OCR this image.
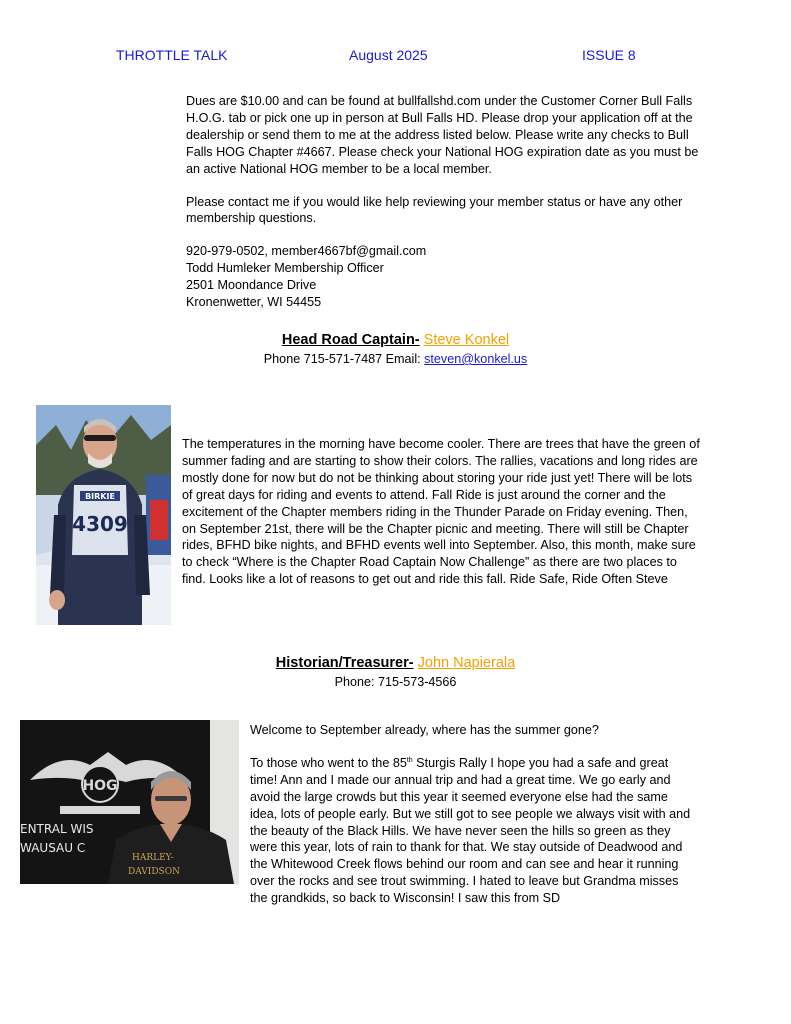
THROTTLE TALK	August 2025	ISSUE 8

Dues are $10.00 and can be found at bullfallshd.com under the Customer Corner Bull Falls H.O.G. tab or pick one up in person at Bull Falls HD. Please drop your application off at the dealership or send them to me at the address listed below. Please write any checks to Bull Falls HOG Chapter #4667. Please check your National HOG expiration date as you must be an active National HOG member to be a local member.

Please contact me if you would like help reviewing your member status or have any other membership questions.

920-979-0502, member4667bf@gmail.com
Todd Humleker Membership Officer
2501 Moondance Drive
Kronenwetter, WI 54455
Head Road Captain- Steve Konkel
Phone 715-571-7487 Email: steven@konkel.us
BIRKIE
4309
The temperatures in the morning have become cooler. There are trees that have the green of summer fading and are starting to show their colors. The rallies, vacations and long rides are mostly done for now but do not be thinking about storing your ride just yet! There will be lots of great days for riding and events to attend. Fall Ride is just around the corner and the excitement of the Chapter members riding in the Thunder Parade on Friday evening. Then, on September 21st, there will be the Chapter picnic and meeting. There will still be Chapter rides, BFHD bike nights, and BFHD events well into September. Also, this month, make sure to check “Where is the Chapter Road Captain Now Challenge” as there are two places to find. Looks like a lot of reasons to get out and ride this fall. Ride Safe, Ride Often Steve
Historian/Treasurer- John Napierala
Phone: 715-573-4566
HOG
ENTRAL WIS
WAUSAU C
HARLEY-
DAVIDSON

Welcome to September already, where has the summer gone?

To those who went to the 85th Sturgis Rally I hope you had a safe and great time! Ann and I made our annual trip and had a great time. We go early and avoid the large crowds but this year it seemed everyone else had the same idea, lots of people early. But we still got to see people we always visit with and the beauty of the Black Hills. We have never seen the hills so green as they were this year, lots of rain to thank for that. We stay outside of Deadwood and the Whitewood Creek flows behind our room and can see and hear it running over the rocks and see trout swimming. I hated to leave but Grandma misses the grandkids, so back to Wisconsin! I saw this from SD
